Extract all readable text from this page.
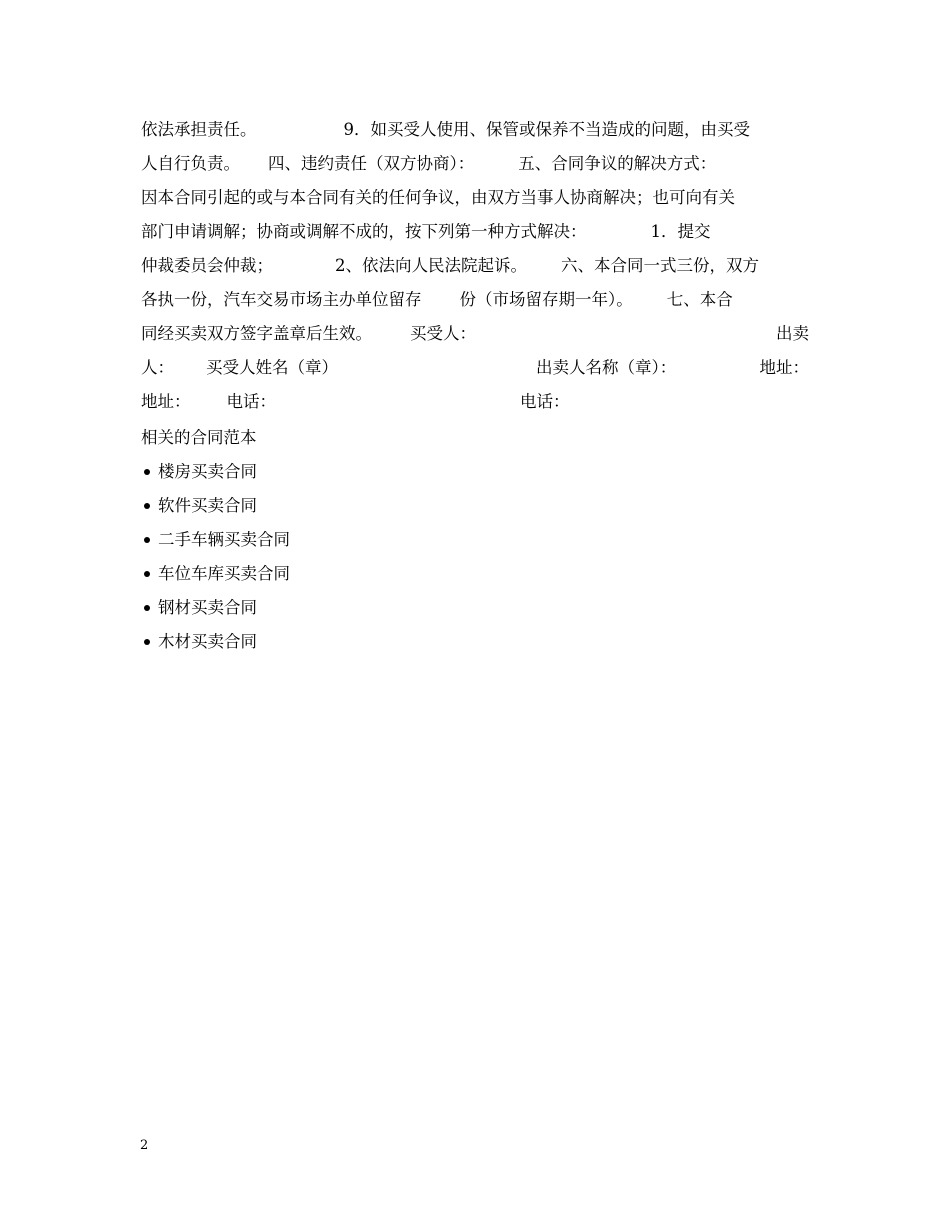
依法承担责任。	9．如买受人使用、保管或保养不当造成的问题，由买受
人自行负责。 四、违约责任（双方协商）：	五、合同争议的解决方式：
因本合同引起的或与本合同有关的任何争议，由双方当事人协商解决；也可向有关
部门申请调解；协商或调解不成的，按下列第一种方式解决：	1．提交
仲裁委员会仲裁；	2、依法向人民法院起诉。 六、本合同一式三份，双方
各执一份，汽车交易市场主办单位留存 份（市场留存期一年）。 七、本合
同经买卖双方签字盖章后生效。 买受人：	出卖
人： 买受人姓名（章）	出卖人名称（章）：	地址：
地址： 电话：	电话：
相关的合同范本
楼房买卖合同
软件买卖合同
二手车辆买卖合同
车位车库买卖合同
钢材买卖合同
木材买卖合同
2
